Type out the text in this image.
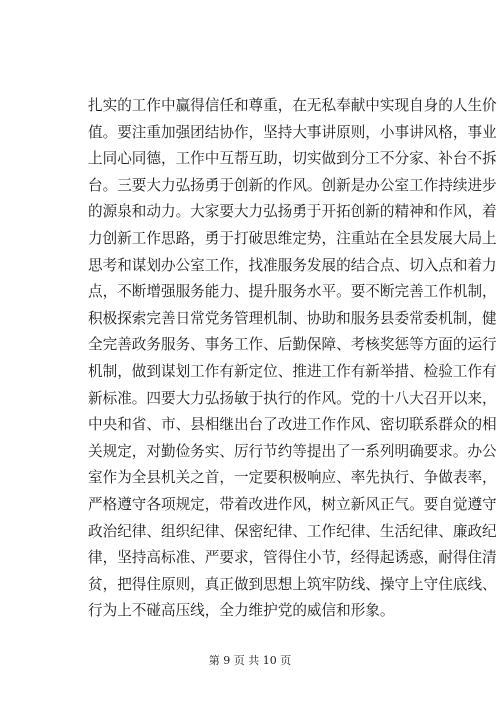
扎实的工作中赢得信任和尊重，在无私奉献中实现自身的人生价
值。要注重加强团结协作，坚持大事讲原则，小事讲风格，事业
上同心同德，工作中互帮互助，切实做到分工不分家、补台不拆
台。三要大力弘扬勇于创新的作风。创新是办公室工作持续进步
的源泉和动力。大家要大力弘扬勇于开拓创新的精神和作风，着
力创新工作思路，勇于打破思维定势，注重站在全县发展大局上
思考和谋划办公室工作，找准服务发展的结合点、切入点和着力
点，不断增强服务能力、提升服务水平。要不断完善工作机制，
积极探索完善日常党务管理机制、协助和服务县委常委机制，健
全完善政务服务、事务工作、后勤保障、考核奖惩等方面的运行
机制，做到谋划工作有新定位、推进工作有新举措、检验工作有
新标准。四要大力弘扬敏于执行的作风。党的十八大召开以来，
中央和省、市、县相继出台了改进工作作风、密切联系群众的相
关规定，对勤俭务实、厉行节约等提出了一系列明确要求。办公
室作为全县机关之首，一定要积极响应、率先执行、争做表率，
严格遵守各项规定，带着改进作风，树立新风正气。要自觉遵守
政治纪律、组织纪律、保密纪律、工作纪律、生活纪律、廉政纪
律，坚持高标准、严要求，管得住小节，经得起诱惑，耐得住清
贫，把得住原则，真正做到思想上筑牢防线、操守上守住底线、
行为上不碰高压线，全力维护党的威信和形象。
第 9 页 共 10 页
